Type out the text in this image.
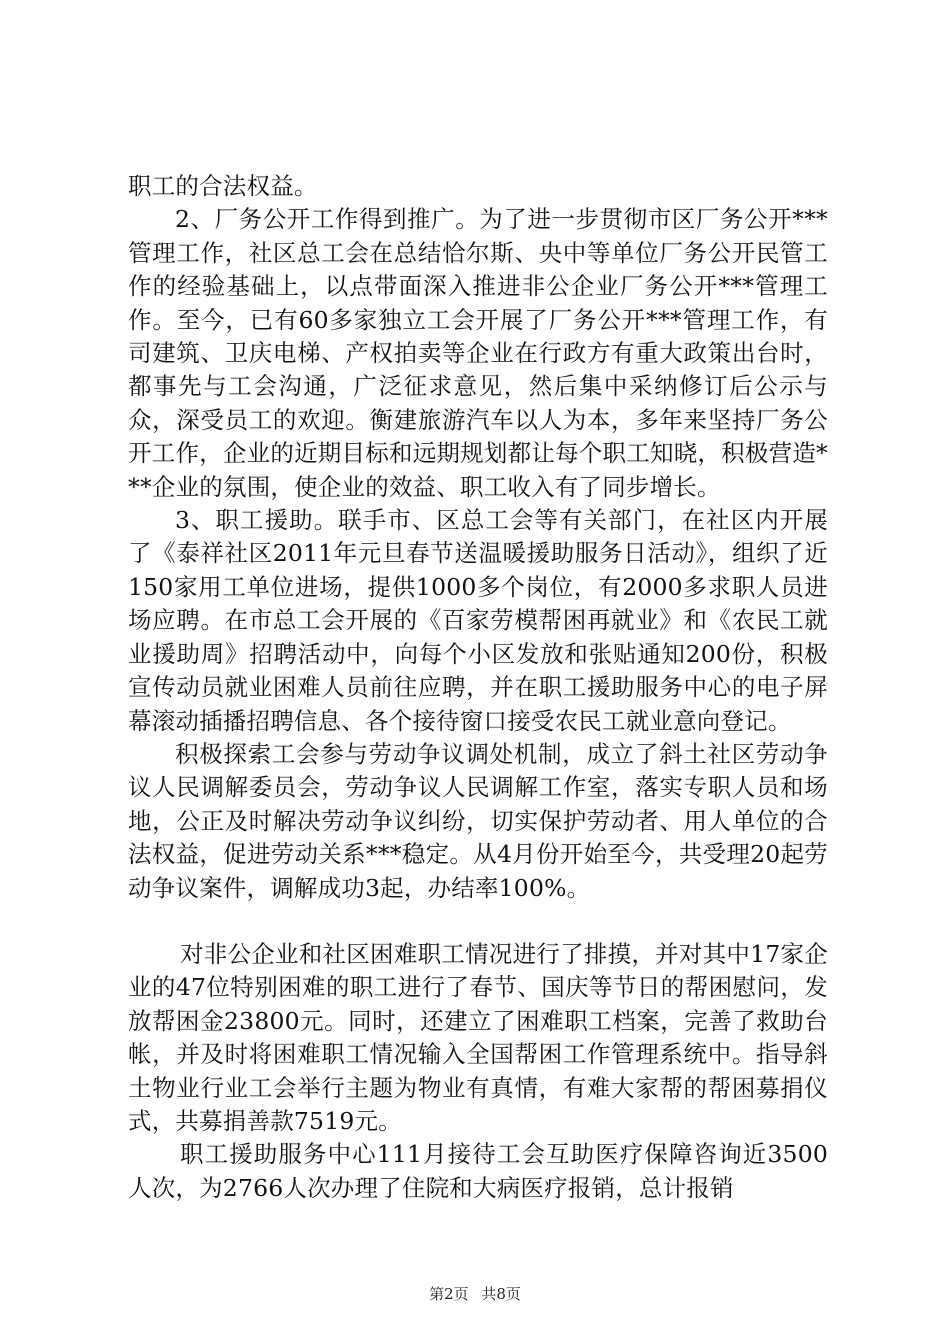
职工的合法权益。

2、厂务公开工作得到推广。为了进一步贯彻市区厂务公开***管理工作，社区总工会在总结恰尔斯、央中等单位厂务公开民管工作的经验基础上，以点带面深入推进非公企业厂务公开***管理工作。至今，已有60多家独立工会开展了厂务公开***管理工作，有司建筑、卫庆电梯、产权拍卖等企业在行政方有重大政策出台时，都事先与工会沟通，广泛征求意见，然后集中采纳修订后公示与众，深受员工的欢迎。衡建旅游汽车以人为本，多年来坚持厂务公开工作，企业的近期目标和远期规划都让每个职工知晓，积极营造***企业的氛围，使企业的效益、职工收入有了同步增长。

3、职工援助。联手市、区总工会等有关部门，在社区内开展了《泰祥社区2011年元旦春节送温暖援助服务日活动》，组织了近150家用工单位进场，提供1000多个岗位，有2000多求职人员进场应聘。在市总工会开展的《百家劳模帮困再就业》和《农民工就业援助周》招聘活动中，向每个小区发放和张贴通知200份，积极宣传动员就业困难人员前往应聘，并在职工援助服务中心的电子屏幕滚动插播招聘信息、各个接待窗口接受农民工就业意向登记。

积极探索工会参与劳动争议调处机制，成立了斜土社区劳动争议人民调解委员会，劳动争议人民调解工作室，落实专职人员和场地，公正及时解决劳动争议纠纷，切实保护劳动者、用人单位的合法权益，促进劳动关系***稳定。从4月份开始至今，共受理20起劳动争议案件，调解成功3起，办结率100%。

对非公企业和社区困难职工情况进行了排摸，并对其中17家企业的47位特别困难的职工进行了春节、国庆等节日的帮困慰问，发放帮困金23800元。同时，还建立了困难职工档案，完善了救助台帐，并及时将困难职工情况输入全国帮困工作管理系统中。指导斜土物业行业工会举行主题为物业有真情，有难大家帮的帮困募捐仪式，共募捐善款7519元。

职工援助服务中心111月接待工会互助医疗保障咨询近3500人次，为2766人次办理了住院和大病医疗报销，总计报销

第2页 共8页
